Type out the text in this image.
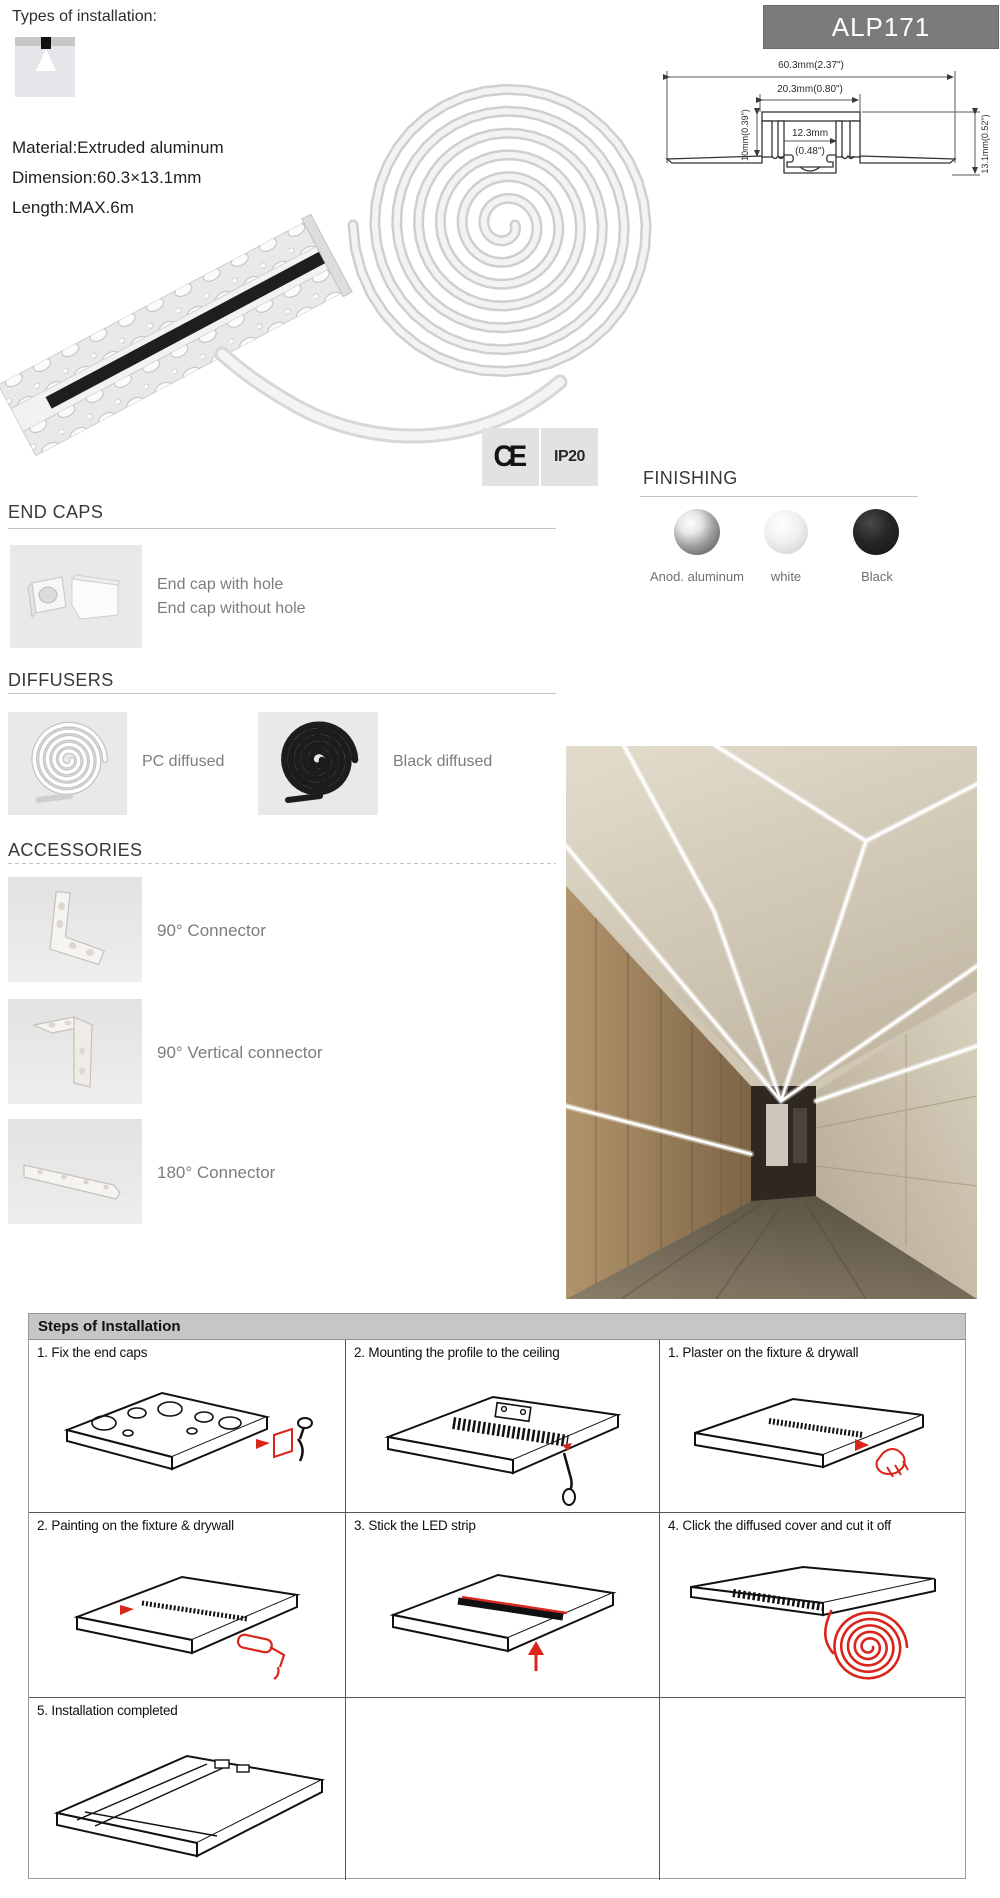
Types of installation:
Material:Extruded aluminum
Dimension:60.3×13.1mm
Length:MAX.6m
ALP171
60.3mm(2.37")
20.3mm(0.80")
12.3mm
(0.48")
10mm(0.39")	13.1mm(0.52")
CE IP20
FINISHING
Anod. aluminum	white	Black
END CAPS
End cap with hole
End cap without hole
DIFFUSERS
PC diffused	Black diffused
ACCESSORIES
90° Connector
90° Vertical connector
180° Connector
Steps of Installation
1. Fix the end caps	2. Mounting the profile to the ceiling	1. Plaster on the fixture & drywall
2. Painting on the fixture & drywall	3. Stick the LED strip	4. Click the diffused cover and cut it off
5. Installation completed
